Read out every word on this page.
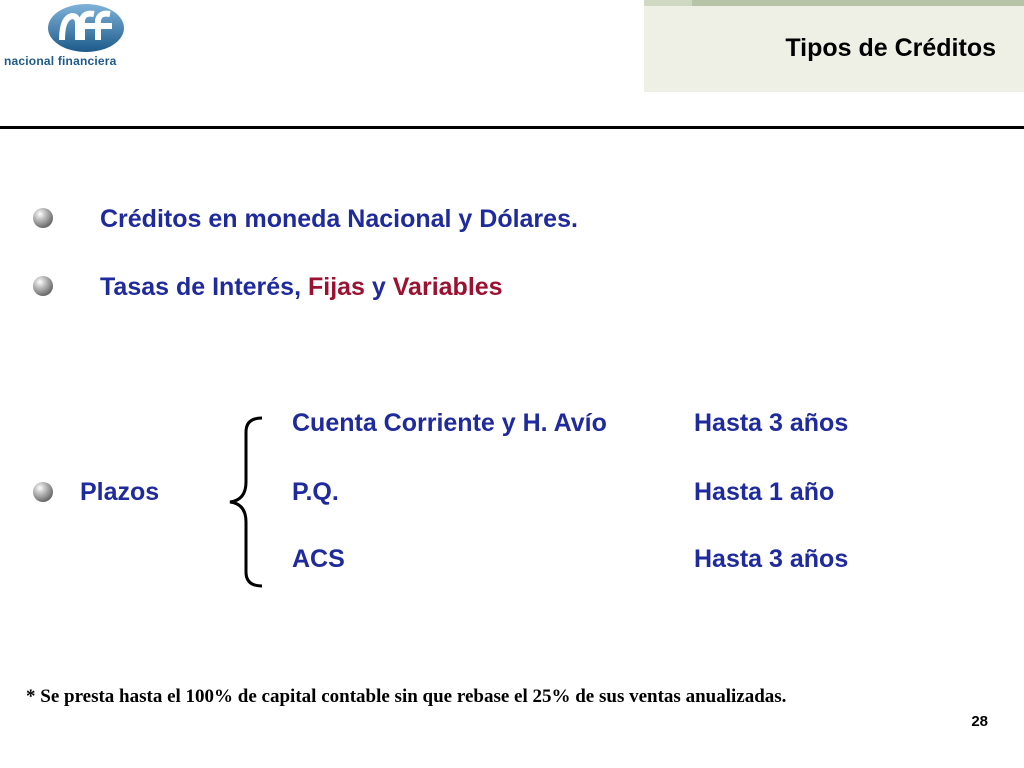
nacional financiera	Tipos de Créditos
Créditos en moneda Nacional y Dólares.
Tasas de Interés, Fijas y Variables
Plazos
Cuenta Corriente y H. Avío	Hasta 3 años
P.Q.	Hasta 1 año
ACS	Hasta 3 años
* Se presta hasta el 100% de capital contable sin que rebase el 25% de sus ventas anualizadas.
28
